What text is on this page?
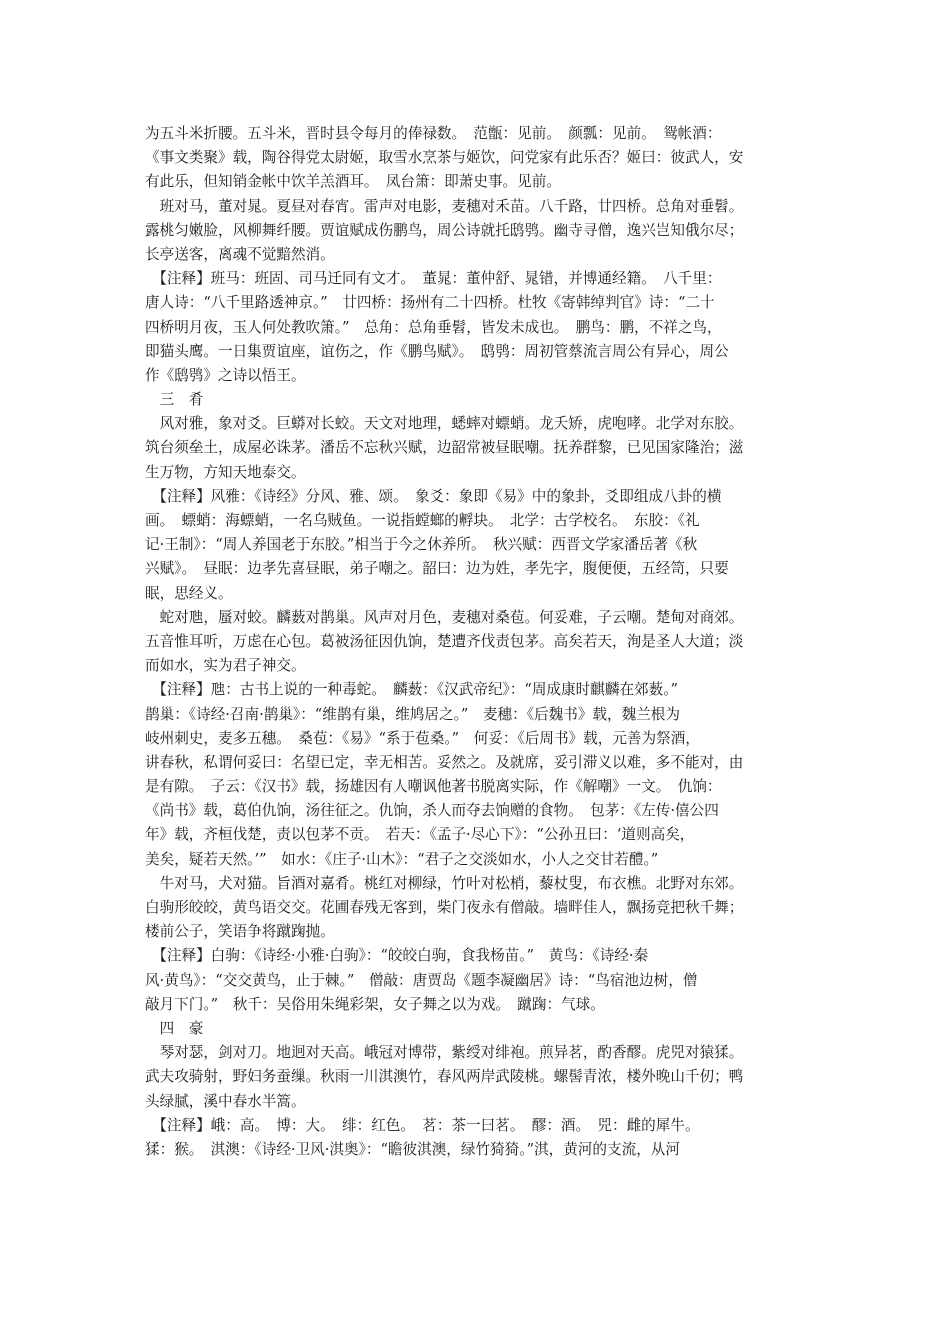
为五斗米折腰。五斗米，晋时县令每月的俸禄数。　范甑：见前。　颜瓢：见前。　鸳帐酒：
《事文类聚》载，陶谷得党太尉姬，取雪水烹茶与姬饮，问党家有此乐否？姬曰：彼武人，安
有此乐，但知销金帐中饮羊羔酒耳。　凤台箫：即萧史事。见前。
　班对马，董对晁。夏昼对春宵。雷声对电影，麦穗对禾苗。八千路，廿四桥。总角对垂髫。
露桃匀嫩脸，风柳舞纤腰。贾谊赋成伤鹏鸟，周公诗就托鸱鸮。幽寺寻僧，逸兴岂知俄尔尽；
长亭送客，离魂不觉黯然消。
　【注释】班马：班固、司马迁同有文才。　董晁：董仲舒、晁错，并博通经籍。　八千里：
唐人诗：“八千里路透神京。”　廿四桥：扬州有二十四桥。杜牧《寄韩绰判官》诗：“二十
四桥明月夜，玉人何处教吹箫。”　总角：总角垂髫，皆发未成也。　鹏鸟：鹏，不祥之鸟，
即猫头鹰。一日集贾谊座，谊伤之，作《鹏鸟赋》。　鸱鸮：周初管蔡流言周公有异心，周公
作《鸱鸮》之诗以悟王。
　三　肴
　风对雅，象对爻。巨蟒对长蛟。天文对地理，蟋蟀对螵蛸。龙夭矫，虎咆哮。北学对东胶。
筑台须垒土，成屋必诛茅。潘岳不忘秋兴赋，边韶常被昼眠嘲。抚养群黎，已见国家隆治；滋
生万物，方知天地泰交。
　【注释】风雅：《诗经》分风、雅、颂。　象爻：象即《易》中的象卦，爻即组成八卦的横
画。　螵蛸：海螵蛸，一名乌贼鱼。一说指螳螂的孵块。　北学：古学校名。　东胶：《礼
记·王制》：“周人养国老于东胶。”相当于今之休养所。　秋兴赋：西晋文学家潘岳著《秋
兴赋》。　昼眠：边孝先喜昼眠，弟子嘲之。韶曰：边为姓，孝先字，腹便便，五经笥，只要
眠，思经义。
　蛇对虺，蜃对蛟。麟薮对鹊巢。风声对月色，麦穗对桑苞。何妥难，子云嘲。楚甸对商郊。
五音惟耳听，万虑在心包。葛被汤征因仇饷，楚遭齐伐责包茅。高矣若天，洵是圣人大道；淡
而如水，实为君子神交。
　【注释】虺：古书上说的一种毒蛇。　麟薮：《汉武帝纪》：“周成康时麒麟在郊薮。”
鹊巢：《诗经·召南·鹊巢》：“维鹊有巢，维鸠居之。”　麦穗：《后魏书》载，魏兰根为
岐州刺史，麦多五穗。　桑苞：《易》“系于苞桑。”　何妥：《后周书》载，元善为祭酒，
讲春秋，私谓何妥曰：名望已定，幸无相苦。妥然之。及就席，妥引滞义以难，多不能对，由
是有隙。　子云：《汉书》载，扬雄因有人嘲讽他著书脱离实际，作《解嘲》一文。　仇饷：
《尚书》载，葛伯仇饷，汤往征之。仇饷，杀人而夺去饷赠的食物。　包茅：《左传·僖公四
年》载，齐桓伐楚，责以包茅不贡。　若天：《孟子·尽心下》：“公孙丑曰：‘道则高矣，
美矣，疑若天然。’”　如水：《庄子·山木》：“君子之交淡如水，小人之交甘若醴。”
　牛对马，犬对猫。旨酒对嘉肴。桃红对柳绿，竹叶对松梢，藜杖叟，布衣樵。北野对东郊。
白驹形皎皎，黄鸟语交交。花圃春残无客到，柴门夜永有僧敲。墙畔佳人，飘扬竞把秋千舞；
楼前公子，笑语争将蹴踘抛。
　【注释】白驹：《诗经·小雅·白驹》：“皎皎白驹，食我杨苗。”　黄鸟：《诗经·秦
风·黄鸟》：“交交黄鸟，止于棘。”　僧敲：唐贾岛《题李凝幽居》诗：“鸟宿池边树，僧
敲月下门。”　秋千：吴俗用朱绳彩架，女子舞之以为戏。　蹴踘：气球。
　四　豪
　琴对瑟，剑对刀。地迥对天高。峨冠对博带，紫绶对绯袍。煎异茗，酌香醪。虎兕对猿猱。
武夫攻骑射，野妇务蚕缫。秋雨一川淇澳竹，春风两岸武陵桃。螺髻青浓，楼外晚山千仞；鸭
头绿腻，溪中春水半篙。
　【注释】峨：高。　博：大。　绯：红色。　茗：茶一曰茗。　醪：酒。　兕：雌的犀牛。
猱：猴。　淇澳：《诗经·卫风·淇奥》：“瞻彼淇澳，绿竹猗猗。”淇，黄河的支流，从河
